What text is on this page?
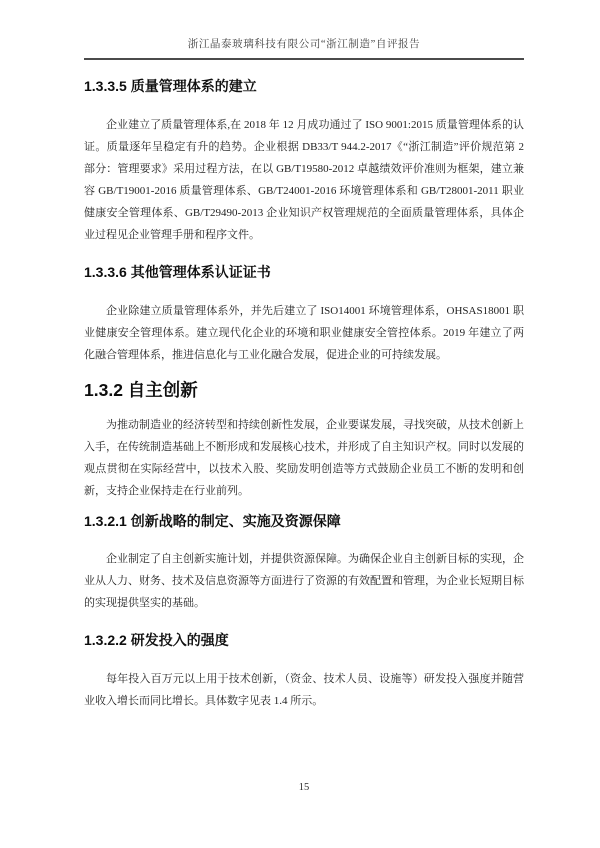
浙江晶泰玻璃科技有限公司“浙江制造”自评报告
1.3.3.5 质量管理体系的建立

企业建立了质量管理体系,在 2018 年 12 月成功通过了 ISO 9001:2015 质量管理体系的认证。质量逐年呈稳定有升的趋势。企业根据 DB33/T 944.2-2017《“浙江制造”评价规范第 2 部分：管理要求》采用过程方法，在以 GB/T19580-2012 卓越绩效评价准则为框架，建立兼容 GB/T19001-2016 质量管理体系、GB/T24001-2016 环境管理体系和 GB/T28001-2011 职业健康安全管理体系、GB/T29490-2013 企业知识产权管理规范的全面质量管理体系，具体企业过程见企业管理手册和程序文件。

1.3.3.6 其他管理体系认证证书

企业除建立质量管理体系外，并先后建立了 ISO14001 环境管理体系，OHSAS18001 职业健康安全管理体系。建立现代化企业的环境和职业健康安全管控体系。2019 年建立了两化融合管理体系，推进信息化与工业化融合发展，促进企业的可持续发展。

1.3.2 自主创新

为推动制造业的经济转型和持续创新性发展，企业要谋发展，寻找突破，从技术创新上入手，在传统制造基础上不断形成和发展核心技术，并形成了自主知识产权。同时以发展的观点贯彻在实际经营中，以技术入股、奖励发明创造等方式鼓励企业员工不断的发明和创新，支持企业保持走在行业前列。

1.3.2.1 创新战略的制定、实施及资源保障

企业制定了自主创新实施计划，并提供资源保障。为确保企业自主创新目标的实现，企业从人力、财务、技术及信息资源等方面进行了资源的有效配置和管理，为企业长短期目标的实现提供坚实的基础。

1.3.2.2 研发投入的强度

每年投入百万元以上用于技术创新，（资金、技术人员、设施等）研发投入强度并随营业收入增长而同比增长。具体数字见表 1.4 所示。

15
